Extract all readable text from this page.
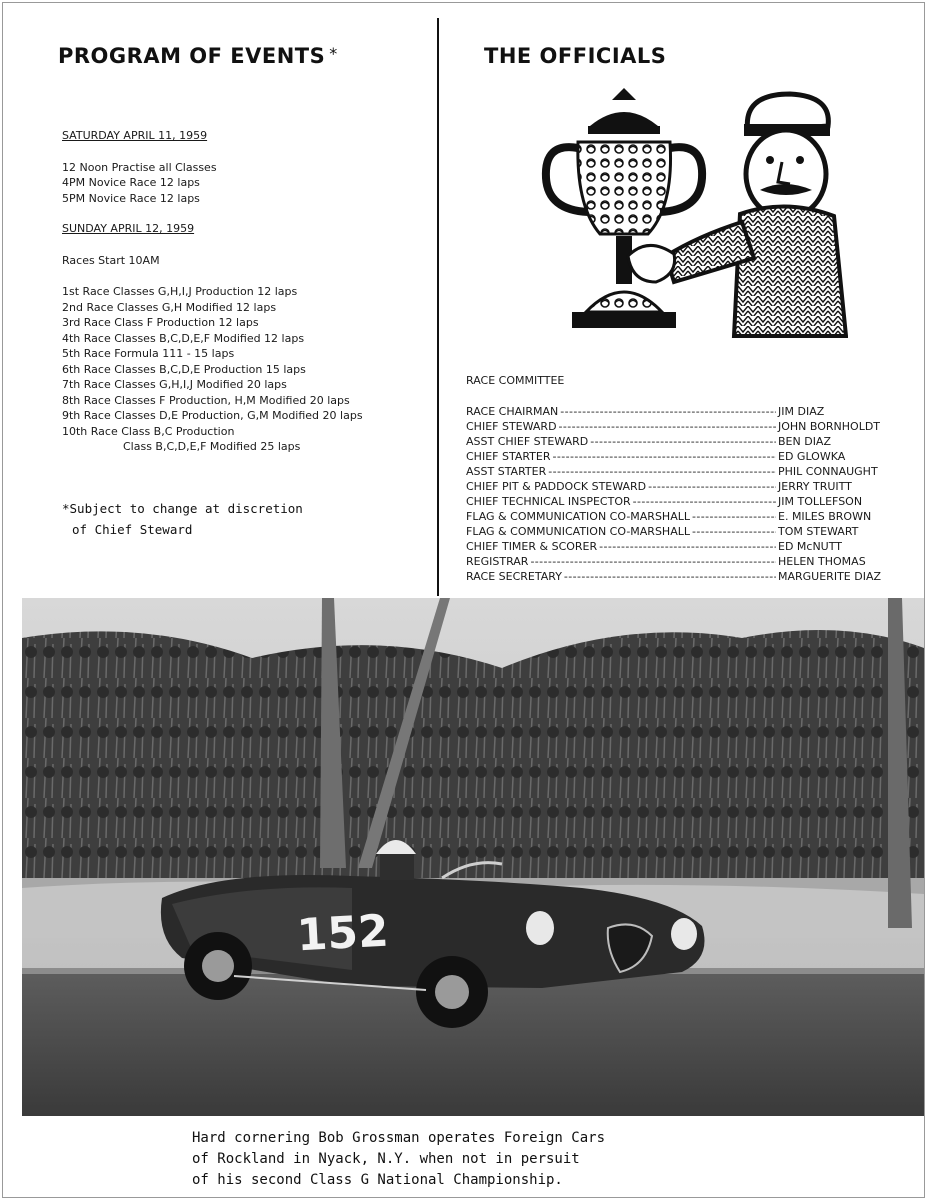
PROGRAM OF EVENTS *

SATURDAY APRIL 11, 1959

12 Noon Practise all Classes
4PM Novice Race 12 laps
5PM Novice Race 12 laps

SUNDAY APRIL 12, 1959

Races Start 10AM
1st Race Classes G,H,I,J Production 12 laps
2nd Race Classes G,H Modified 12 laps
3rd Race Class F Production 12 laps
4th Race Classes B,C,D,E,F Modified 12 laps
5th Race Formula 111 - 15 laps
6th Race Classes B,C,D,E Production 15 laps
7th Race Classes G,H,I,J Modified 20 laps
8th Race Classes F Production, H,M Modified 20 laps
9th Race Classes D,E Production, G,M Modified 20 laps
10th Race Class B,C Production
Class B,C,D,E,F Modified 25 laps
*Subject to change at discretion
of Chief Steward
THE OFFICIALS
RACE COMMITTEE
RACE CHAIRMAN -----	JIM DIAZ
CHIEF STEWARD -----	JOHN BORNHOLDT
ASST CHIEF STEWARD -----	BEN DIAZ
CHIEF STARTER -----	ED GLOWKA
ASST STARTER -----	PHIL CONNAUGHT
CHIEF PIT & PADDOCK STEWARD -----	JERRY TRUITT
CHIEF TECHNICAL INSPECTOR -----	JIM TOLLEFSON
FLAG & COMMUNICATION CO-MARSHALL -----	E. MILES BROWN
FLAG & COMMUNICATION CO-MARSHALL -----	TOM STEWART
CHIEF TIMER & SCORER -----	ED McNUTT
REGISTRAR -----	HELEN THOMAS
RACE SECRETARY -----	MARGUERITE DIAZ
152
Hard cornering Bob Grossman operates Foreign Cars
of Rockland in Nyack, N.Y. when not in persuit
of his second Class G National Championship.
